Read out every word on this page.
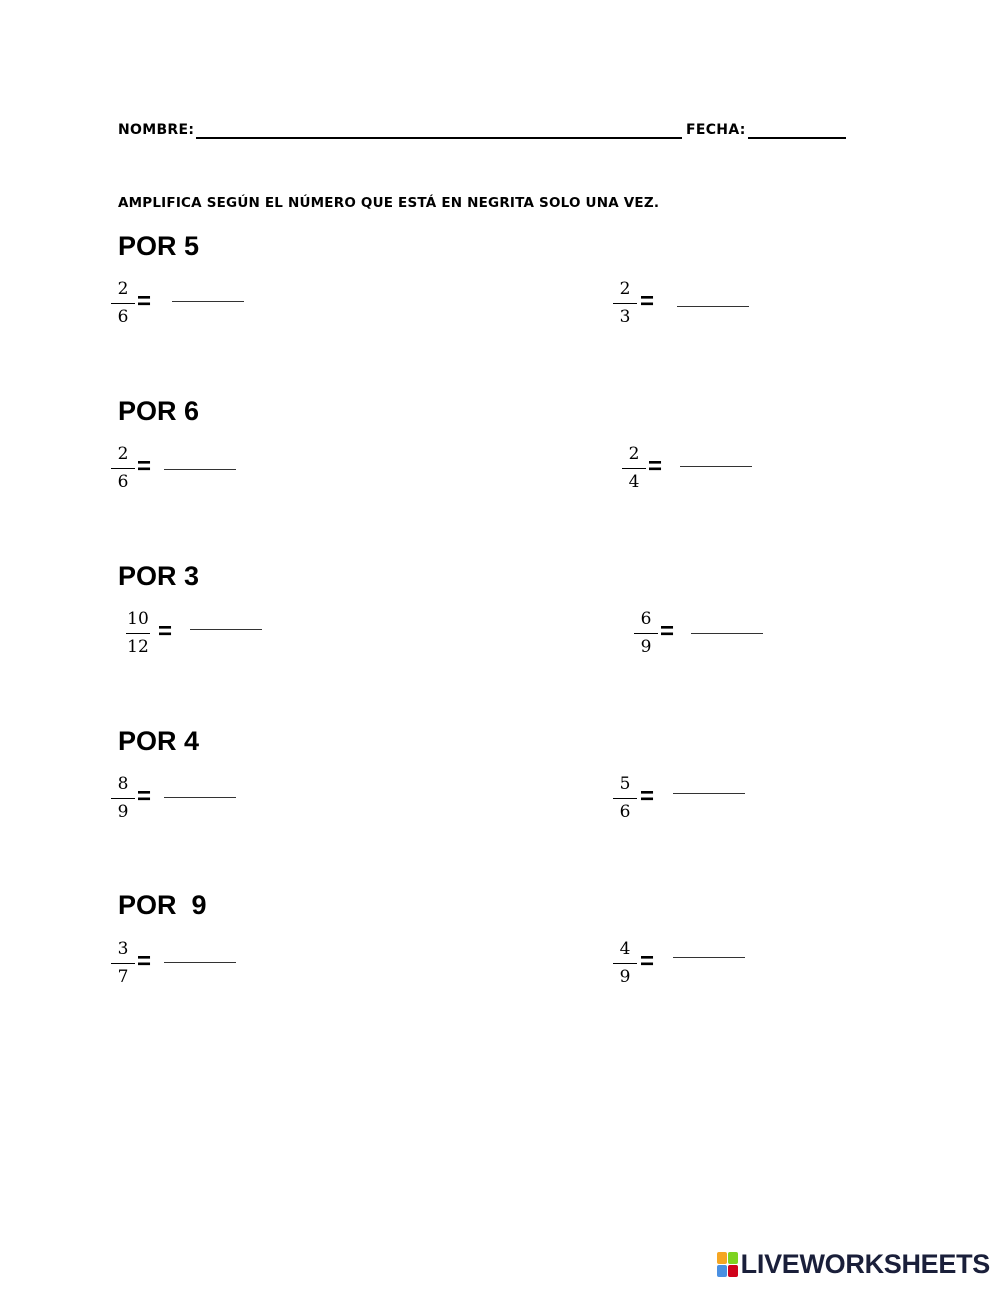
NOMBRE:	FECHA:
AMPLIFICA SEGÚN EL NÚMERO QUE ESTÁ EN NEGRITA SOLO UNA VEZ.
POR 5
2
6
=	2
3
=
POR 6
2
6
=	2
4
=
POR 3
10
12
=	6
9
=
POR 4
8
9
=	5
6
=
POR  9
3
7
=	4
9
=
LIVEWORKSHEETS
